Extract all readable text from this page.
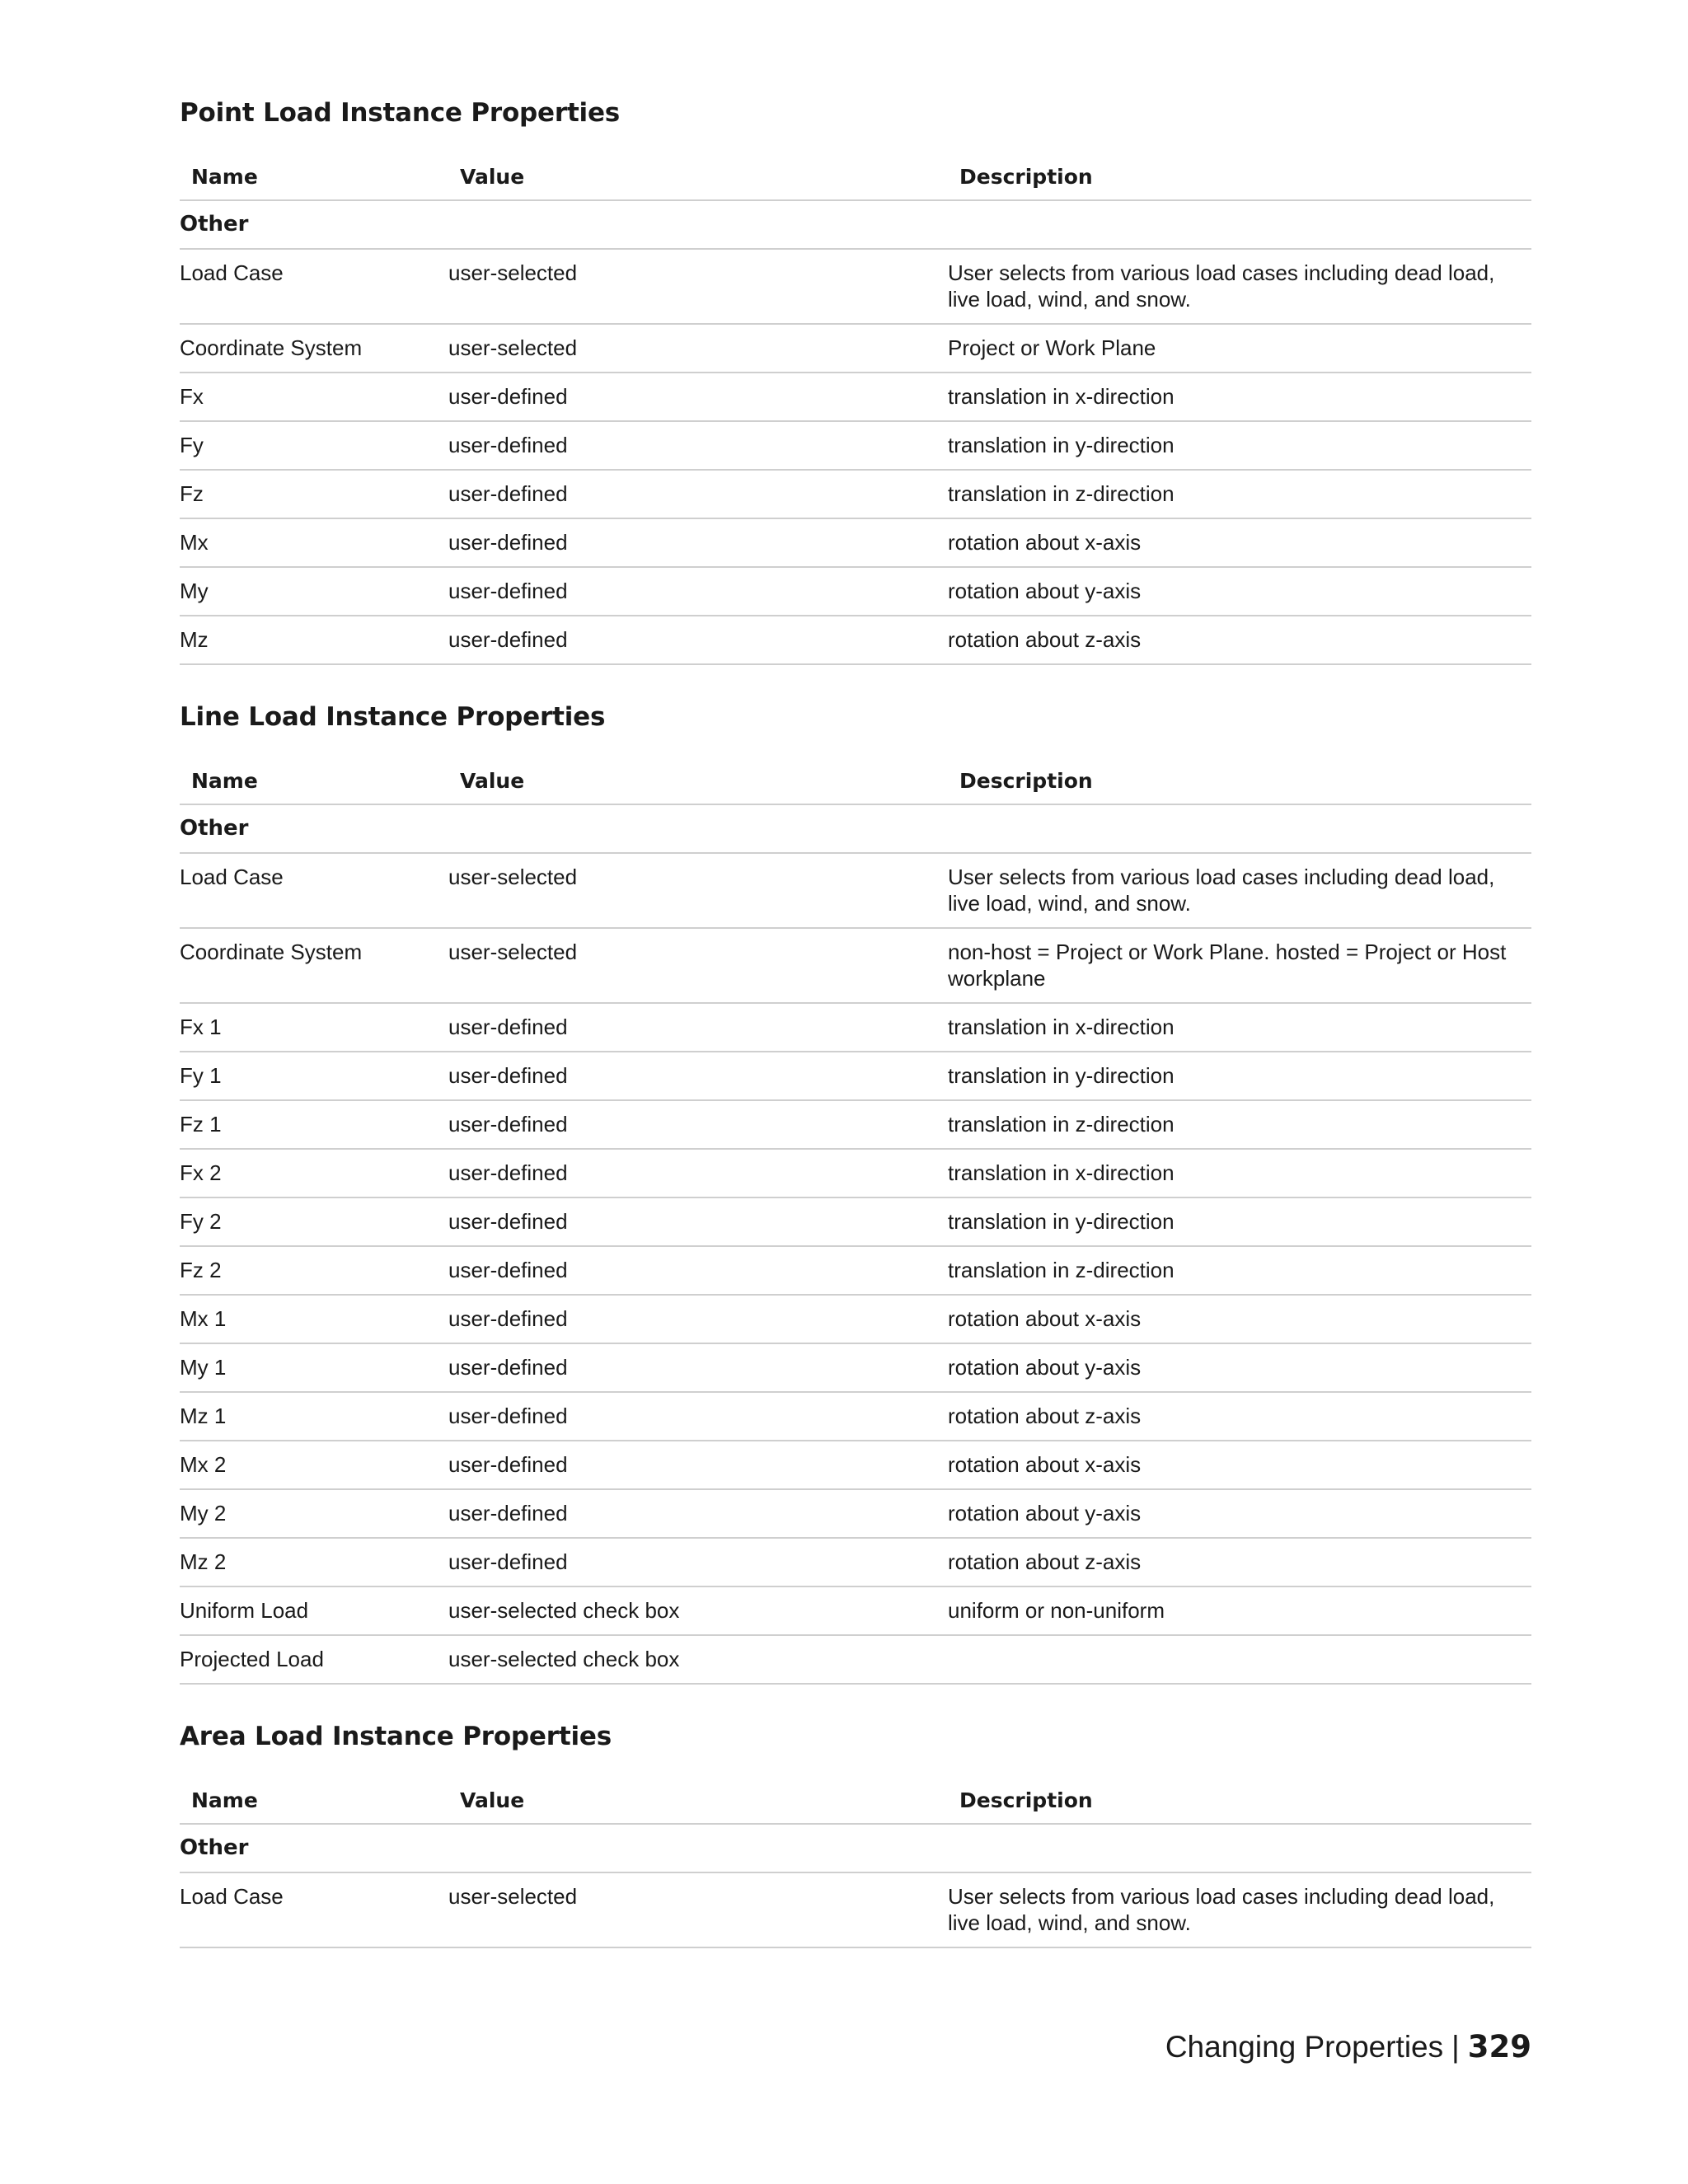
Point Load Instance Properties
Name	Value	Description
Other		
Load Case	user-selected	User selects from various load cases including dead load, live load, wind, and snow.
Coordinate System	user-selected	Project or Work Plane
Fx	user-defined	translation in x-direction
Fy	user-defined	translation in y-direction
Fz	user-defined	translation in z-direction
Mx	user-defined	rotation about x-axis
My	user-defined	rotation about y-axis
Mz	user-defined	rotation about z-axis
Line Load Instance Properties
Name	Value	Description
Other		
Load Case	user-selected	User selects from various load cases including dead load, live load, wind, and snow.
Coordinate System	user-selected	non-host = Project or Work Plane. hosted = Project or Host workplane
Fx 1	user-defined	translation in x-direction
Fy 1	user-defined	translation in y-direction
Fz 1	user-defined	translation in z-direction
Fx 2	user-defined	translation in x-direction
Fy 2	user-defined	translation in y-direction
Fz 2	user-defined	translation in z-direction
Mx 1	user-defined	rotation about x-axis
My 1	user-defined	rotation about y-axis
Mz 1	user-defined	rotation about z-axis
Mx 2	user-defined	rotation about x-axis
My 2	user-defined	rotation about y-axis
Mz 2	user-defined	rotation about z-axis
Uniform Load	user-selected check box	uniform or non-uniform
Projected Load	user-selected check box	
Area Load Instance Properties
Name	Value	Description
Other		
Load Case	user-selected	User selects from various load cases including dead load, live load, wind, and snow.
Changing Properties | 329
